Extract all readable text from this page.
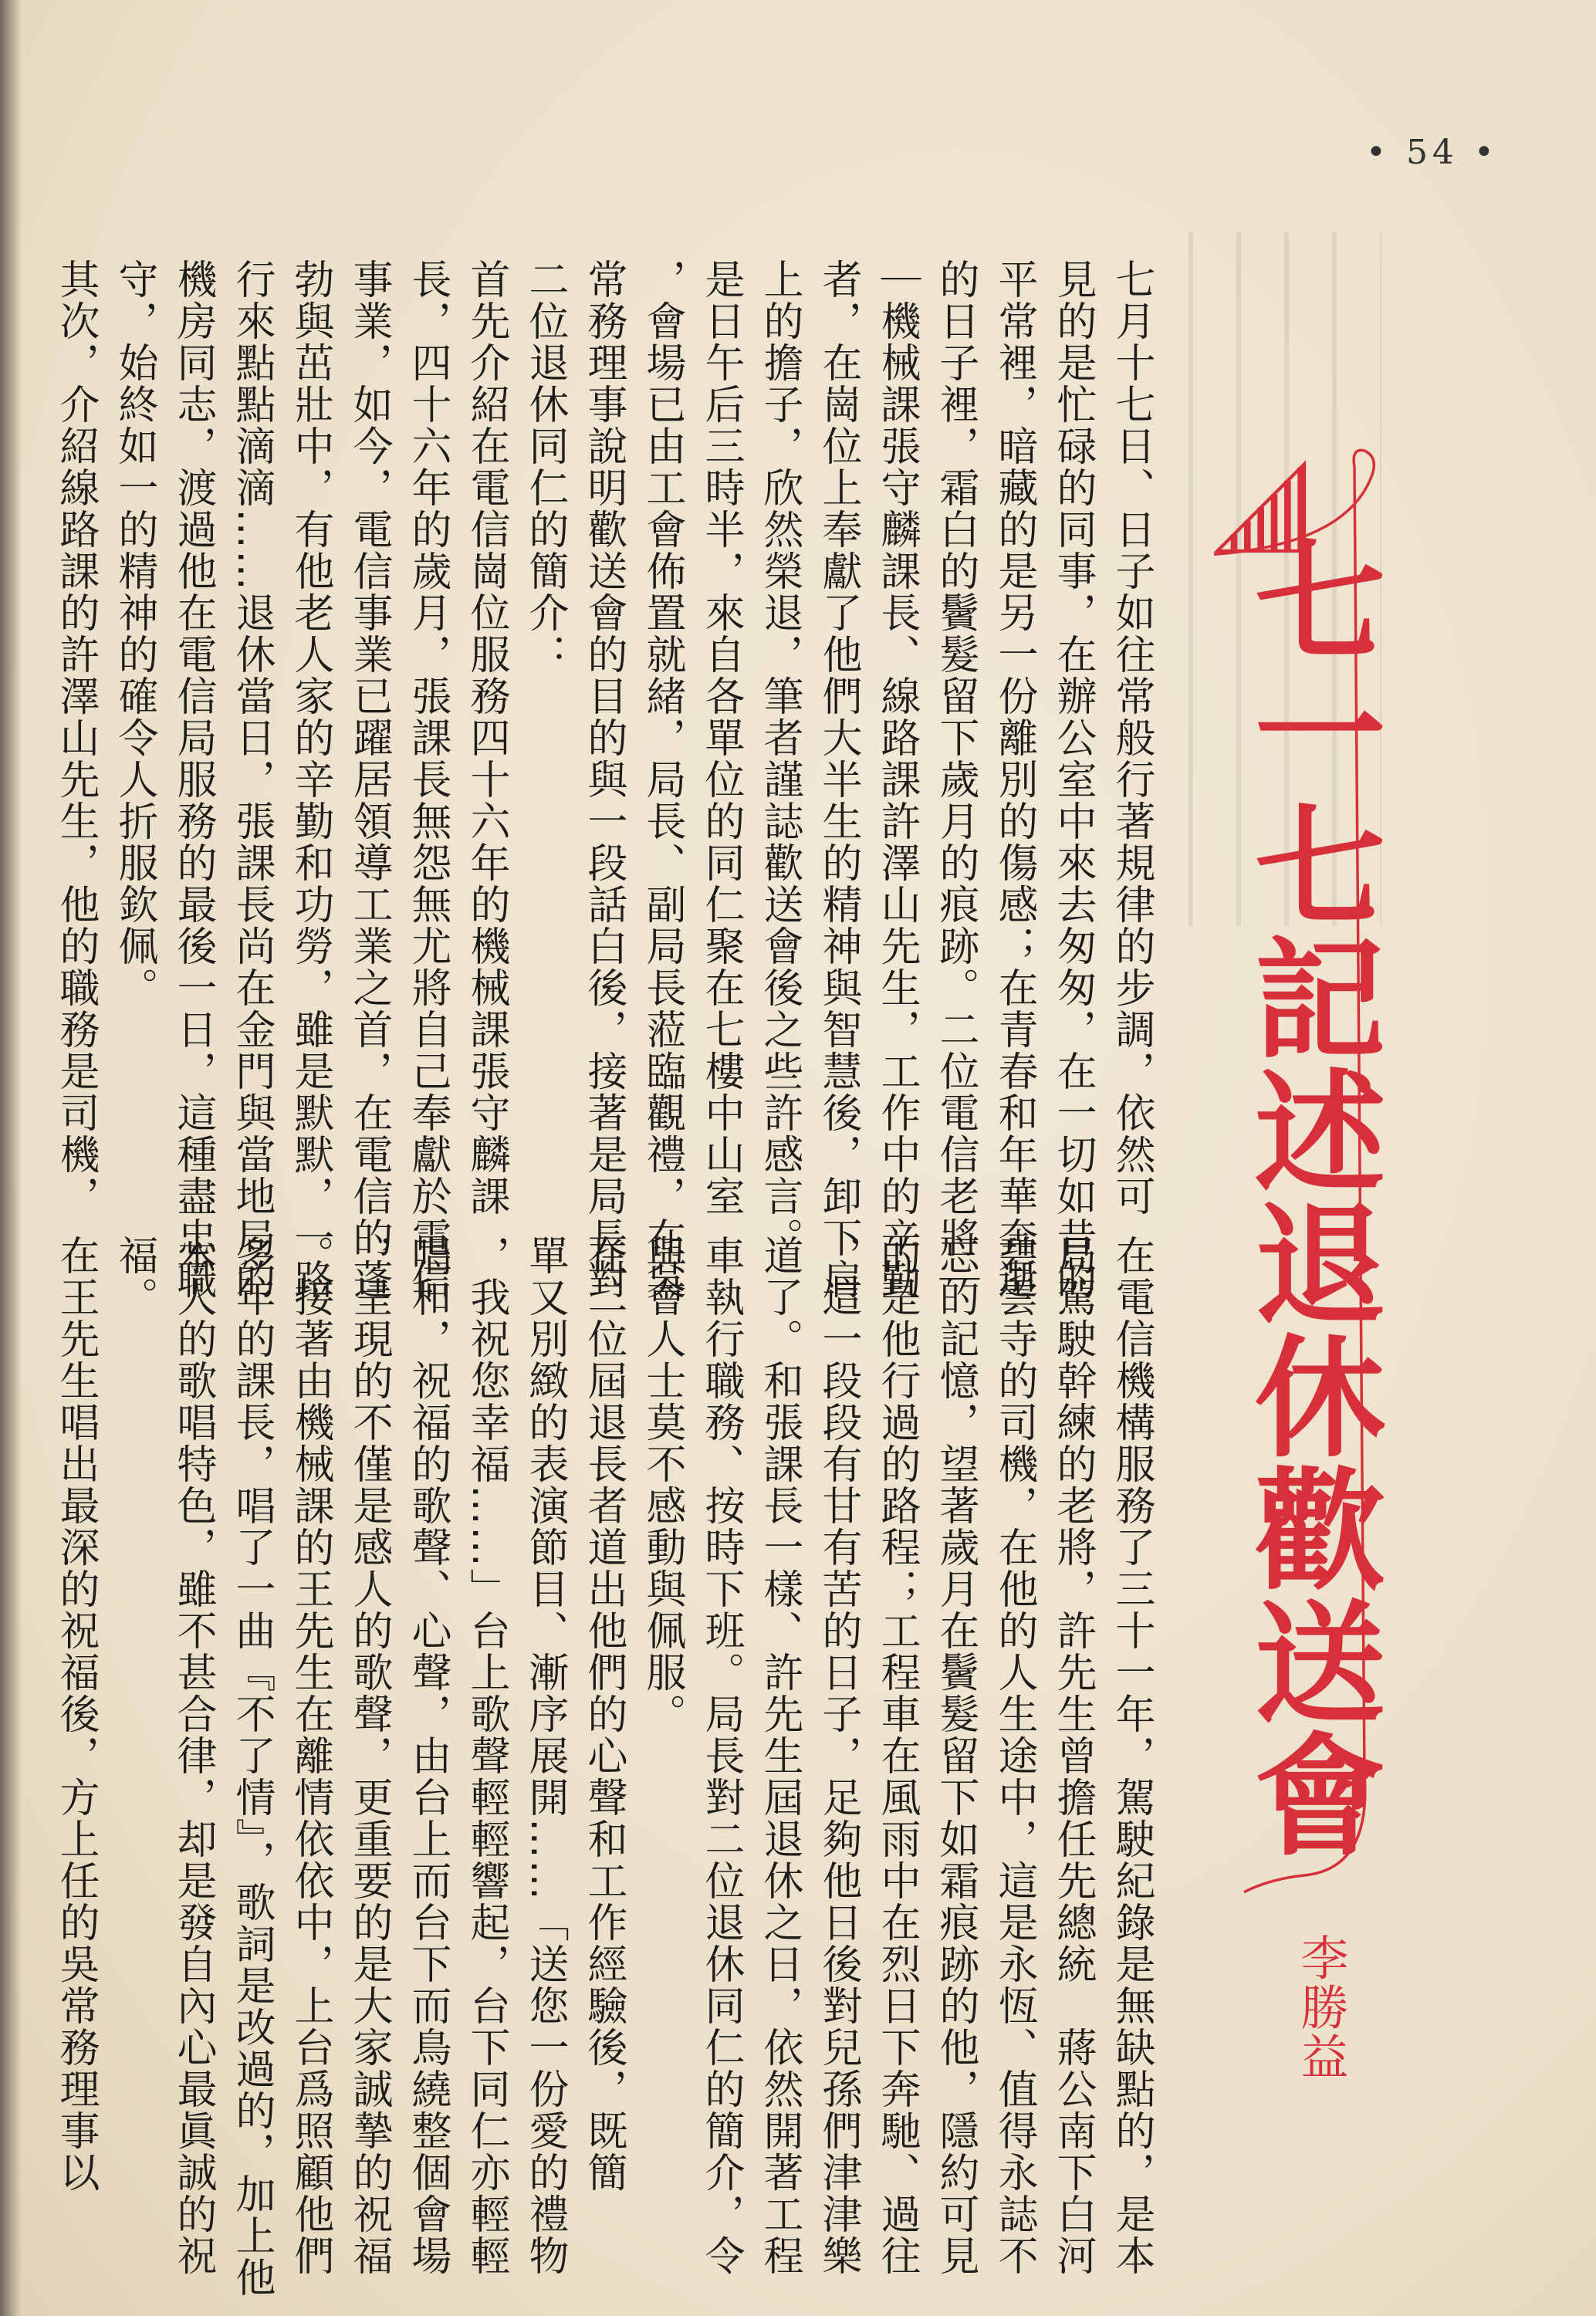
• 54 •
七一七記述退休歡送會
李勝益
七月十七日、日子如往常般行著規律的步調，依然可
見的是忙碌的同事，在辦公室中來去匆匆，在一切如昔的
平常裡，暗藏的是另一份離別的傷感；在青春和年華奔逝
的日子裡，霜白的鬢髮留下歲月的痕跡。二位電信老將｜
｜機械課張守麟課長、線路課許澤山先生，工作中的辛勤
者，在崗位上奉獻了他們大半生的精神與智慧後，卸下肩
上的擔子，欣然榮退，筆者謹誌歡送會後之些許感言。
是日午后三時半，來自各單位的同仁聚在七樓中山室
，會場已由工會佈置就緒，局長、副局長蒞臨觀禮，在吳
常務理事說明歡送會的目的與一段話白後，接著是局長對
二位退休同仁的簡介：
首先介紹在電信崗位服務四十六年的機械課張守麟課
長，四十六年的歲月，張課長無怨無尤將自己奉獻於電信
事業，如今，電信事業已躍居領導工業之首，在電信的蓬
勃與茁壯中，有他老人家的辛勤和功勞，雖是默默，一路
行來點點滴滴……退休當日，張課長尚在金門與當地局的
機房同志，渡過他在電信局服務的最後一日，這種盡忠職
守，始終如一的精神的確令人折服欽佩。
其次，介紹線路課的許澤山先生，他的職務是司機，
在電信機構服務了三十一年，駕駛紀錄是無缺點的，是本
局駕駛幹練的老將，許先生曾擔任先總統　蔣公南下白河
碧雲寺的司機，在他的人生途中，這是永恆、值得永誌不
忘的記憶，望著歲月在鬢髮留下如霜痕跡的他，隱約可見
的是他行過的路程；工程車在風雨中在烈日下奔馳、過往
，這一段段有甘有苦的日子，足夠他日後對兒孫們津津樂
道了。和張課長一樣、許先生屆退休之日，依然開著工程
車執行職務、按時下班。局長對二位退休同仁的簡介，令
與會人士莫不感動與佩服。
在二位屆退長者道出他們的心聲和工作經驗後，既簡
單又別緻的表演節目、漸序展開……「送您一份愛的禮物
，我祝您幸福……」台上歌聲輕輕響起，台下同仁亦輕輕
唱和，祝福的歌聲、心聲，由台上而台下而鳥繞整個會場
，呈現的不僅是感人的歌聲，更重要的是大家誠摯的祝福
。接著由機械課的王先生在離情依依中，上台爲照顧他們
多年的課長，唱了一曲『不了情』，歌詞是改過的，加上他
本人的歌唱特色，雖不甚合律，却是發自內心最眞誠的祝
福。
在王先生唱出最深的祝福後，方上任的吳常務理事以
